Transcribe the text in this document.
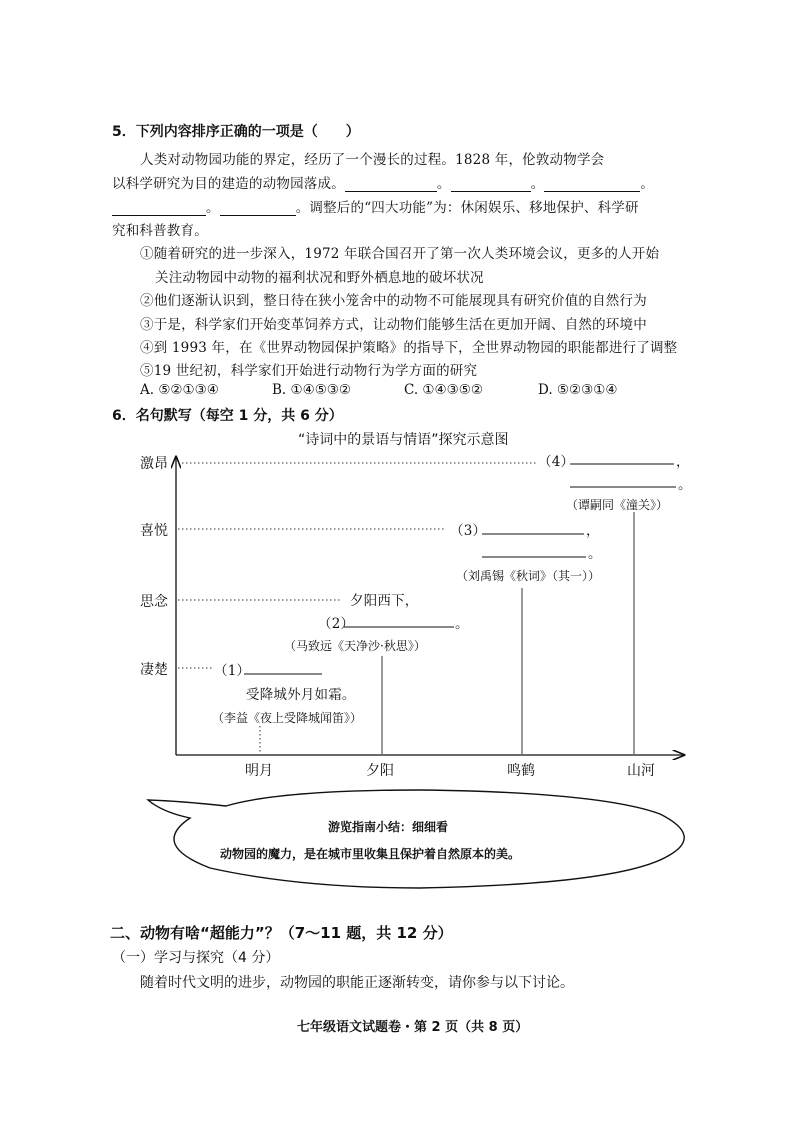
5．下列内容排序正确的一项是（　　）
人类对动物园功能的界定，经历了一个漫长的过程。1828 年，伦敦动物学会
以科学研究为目的建造的动物园落成。	。	。	。
。	。调整后的“四大功能”为：休闲娱乐、移地保护、科学研
究和科普教育。
①随着研究的进一步深入，1972 年联合国召开了第一次人类环境会议，更多的人开始
关注动物园中动物的福利状况和野外栖息地的破坏状况
②他们逐渐认识到，整日待在狭小笼舍中的动物不可能展现具有研究价值的自然行为
③于是，科学家们开始变革饲养方式，让动物们能够生活在更加开阔、自然的环境中
④到 1993 年，在《世界动物园保护策略》的指导下，全世界动物园的职能都进行了调整
⑤19 世纪初，科学家们开始进行动物行为学方面的研究
A. ⑤②①③④	B. ①④⑤③②	C. ①④③⑤②	D. ⑤②③①④
6．名句默写（每空 1 分，共 6 分）
“诗词中的景语与情语”探究示意图
激昂
喜悦
思念
凄楚
明月	夕阳	鸣鹤	山河
（1）
受降城外月如霜。
（李益《夜上受降城闻笛》）
夕阳西下，
（2）	。
（马致远《天净沙·秋思》）
（3）	，
。
（刘禹锡《秋词》（其一））
（4）	，
。
（谭嗣同《潼关》）
游览指南小结：细细看
动物园的魔力，是在城市里收集且保护着自然原本的美。
二、动物有啥“超能力”？（7～11 题，共 12 分）
（一）学习与探究（4 分）
随着时代文明的进步，动物园的职能正逐渐转变，请你参与以下讨论。
七年级语文试题卷・第 2 页（共 8 页）
